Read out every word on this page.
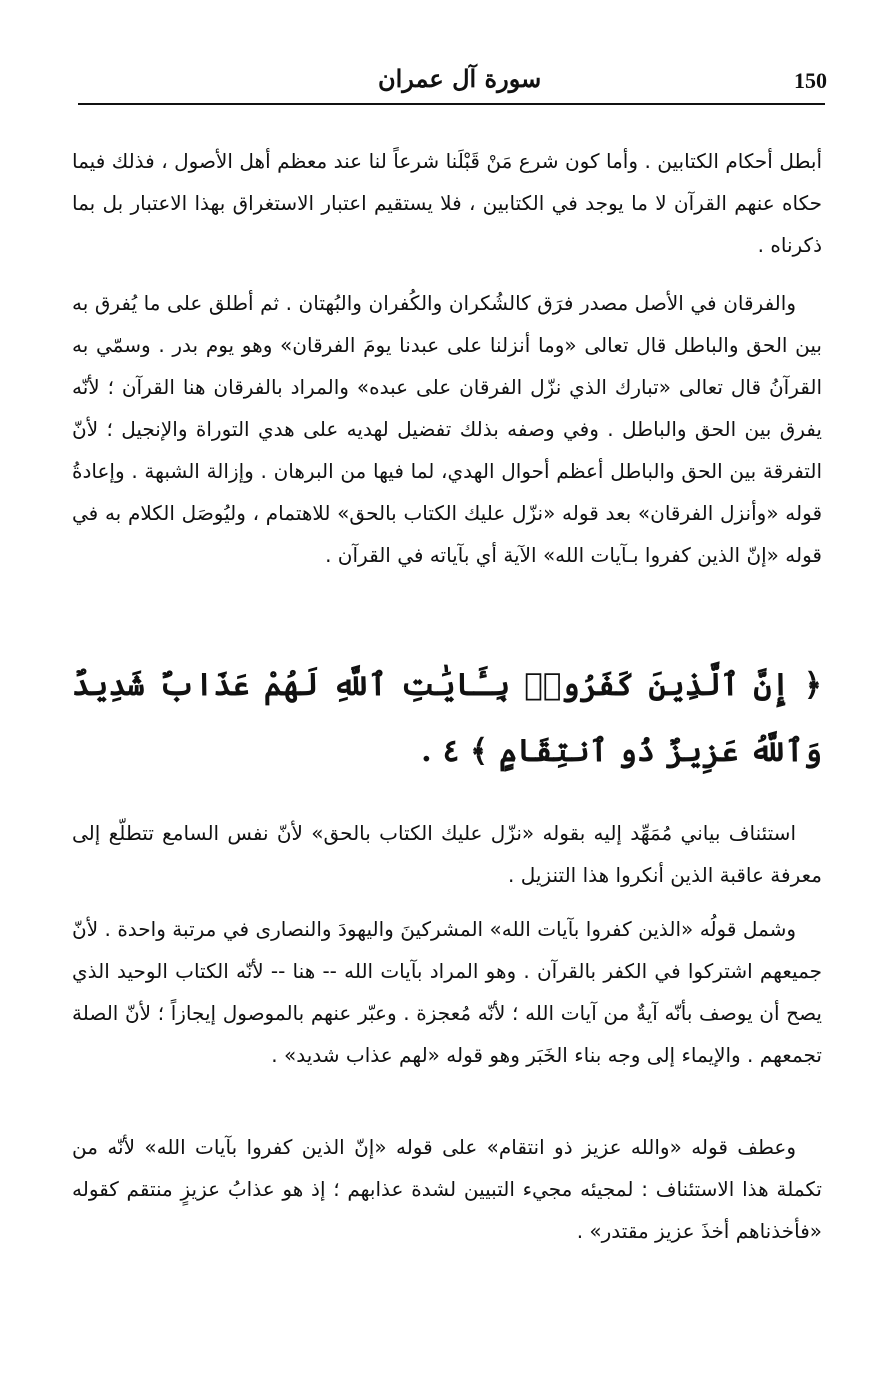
150
سورة آل عمران

أبطل أحكام الكتابين . وأما كون شرع مَنْ قَبْلَنا شرعاً لنا عند معظم أهل الأصول ، فذلك فيما حكاه عنهم القرآن لا ما يوجد في الكتابين ، فلا يستقيم اعتبار الاستغراق بهذا الاعتبار بل بما ذكرناه .

والفرقان في الأصل مصدر فرَق كالشُكران والكُفران والبُهتان . ثم أطلق على ما يُفرق به بين الحق والباطل قال تعالى «وما أنزلنا على عبدنا يومَ الفرقان» وهو يوم بدر . وسمّي به القرآنُ قال تعالى «تبارك الذي نزّل الفرقان على عبده» والمراد بالفرقان هنا القرآن ؛ لأنّه يفرق بين الحق والباطل . وفي وصفه بذلك تفضيل لهديه على هدي التوراة والإنجيل ؛ لأنّ التفرقة بين الحق والباطل أعظم أحوال الهدي، لما فيها من البرهان . وإزالة الشبهة . وإعادةُ قوله «وأنزل الفرقان» بعد قوله «نزّل عليك الكتاب بالحق» للاهتمام ، وليُوصَل الكلام به في قوله «إنّ الذين كفروا بـآيات الله» الآية أي بآياته في القرآن .

﴿ إِنَّ ٱلَّذِينَ كَفَرُوا۟ بِـَٔايَٰتِ ٱللَّهِ لَهُمْ عَذَابٌ شَدِيدٌ وَٱللَّهُ عَزِيزٌ ذُو ٱنتِقَامٍ ﴾ ٤ .

استئناف بياني مُمَهِّد إليه بقوله «نزّل عليك الكتاب بالحق» لأنّ نفس السامع تتطلّع إلى معرفة عاقبة الذين أنكروا هذا التنزيل .

وشمل قولُه «الذين كفروا بآيات الله» المشركينَ واليهودَ والنصارى في مرتبة واحدة . لأنّ جميعهم اشتركوا في الكفر بالقرآن . وهو المراد بآيات الله -- هنا -- لأنّه الكتاب الوحيد الذي يصح أن يوصف بأنّه آيةٌ من آيات الله ؛ لأنّه مُعجزة . وعبّر عنهم بالموصول إيجازاً ؛ لأنّ الصلة تجمعهم . والإيماء إلى وجه بناء الخَبَر وهو قوله «لهم عذاب شديد» .

وعطف قوله «والله عزيز ذو انتقام» على قوله «إنّ الذين كفروا بآيات الله» لأنّه من تكملة هذا الاستئناف : لمجيئه مجيء التبيين لشدة عذابهم ؛ إذ هو عذابُ عزيزٍ منتقم كقوله «فأخذناهم أخذَ عزيز مقتدر» .
